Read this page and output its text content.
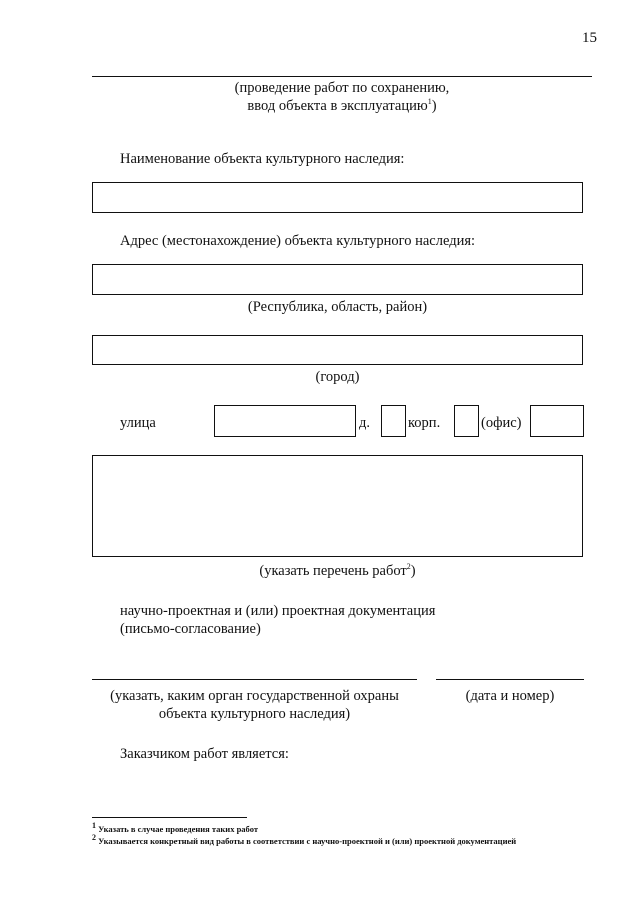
15
(проведение работ по сохранению,
ввод объекта в эксплуатацию$^1$)
Наименование объекта культурного наследия:
Адрес (местонахождение) объекта культурного наследия:
(Республика, область, район)
(город)
улица	д.	корп.	(офис)
(указать перечень работ$^2$)
научно-проектная и (или) проектная документация
(письмо-согласование)
(указать, каким орган государственной охраны
объекта культурного наследия)
(дата и номер)
Заказчиком работ является:
$^1$ Указать в случае проведения таких работ
$^2$ Указывается конкретный вид работы в соответствии с научно-проектной и (или) проектной документацией
